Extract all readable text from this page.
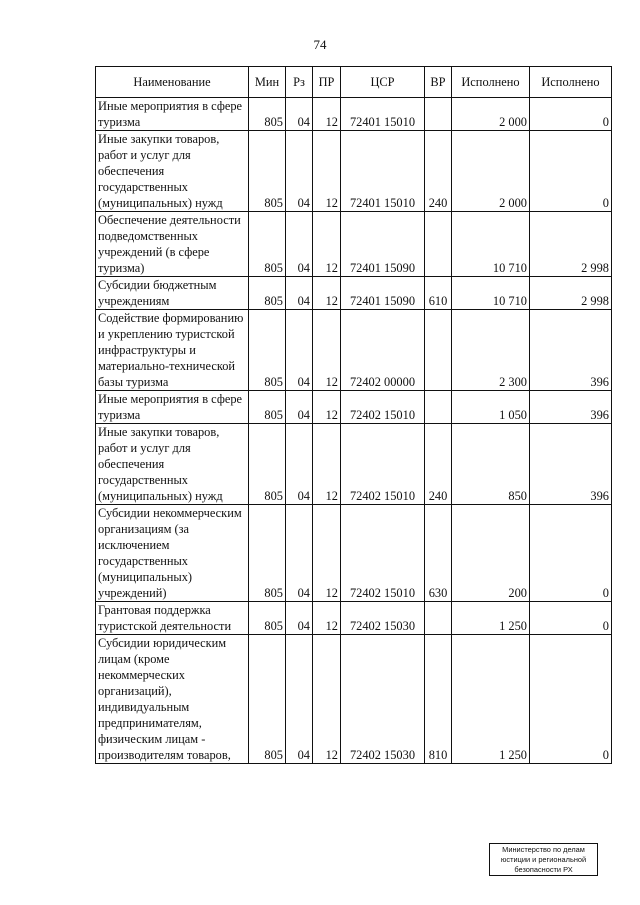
74
Наименование	Мин	Рз	ПР	ЦСР	ВР	Исполнено	Исполнено
Иные мероприятия в сфере туризма	805	04	12	72401 15010		2 000	0
Иные закупки товаров, работ и услуг для обеспечения государственных (муниципальных) нужд	805	04	12	72401 15010	240	2 000	0
Обеспечение деятельности подведомственных учреждений (в сфере туризма)	805	04	12	72401 15090		10 710	2 998
Субсидии бюджетным учреждениям	805	04	12	72401 15090	610	10 710	2 998
Содействие формированию и укреплению туристской инфраструктуры и материально-технической базы туризма	805	04	12	72402 00000		2 300	396
Иные мероприятия в сфере туризма	805	04	12	72402 15010		1 050	396
Иные закупки товаров, работ и услуг для обеспечения государственных (муниципальных) нужд	805	04	12	72402 15010	240	850	396
Субсидии некоммерческим организациям (за исключением государственных (муниципальных) учреждений)	805	04	12	72402 15010	630	200	0
Грантовая поддержка туристской деятельности	805	04	12	72402 15030		1 250	0
Субсидии юридическим лицам (кроме некоммерческих организаций), индивидуальным предпринимателям, физическим лицам - производителям товаров,	805	04	12	72402 15030	810	1 250	0
Министерство по делам
юстиции и региональной
безопасности РХ
